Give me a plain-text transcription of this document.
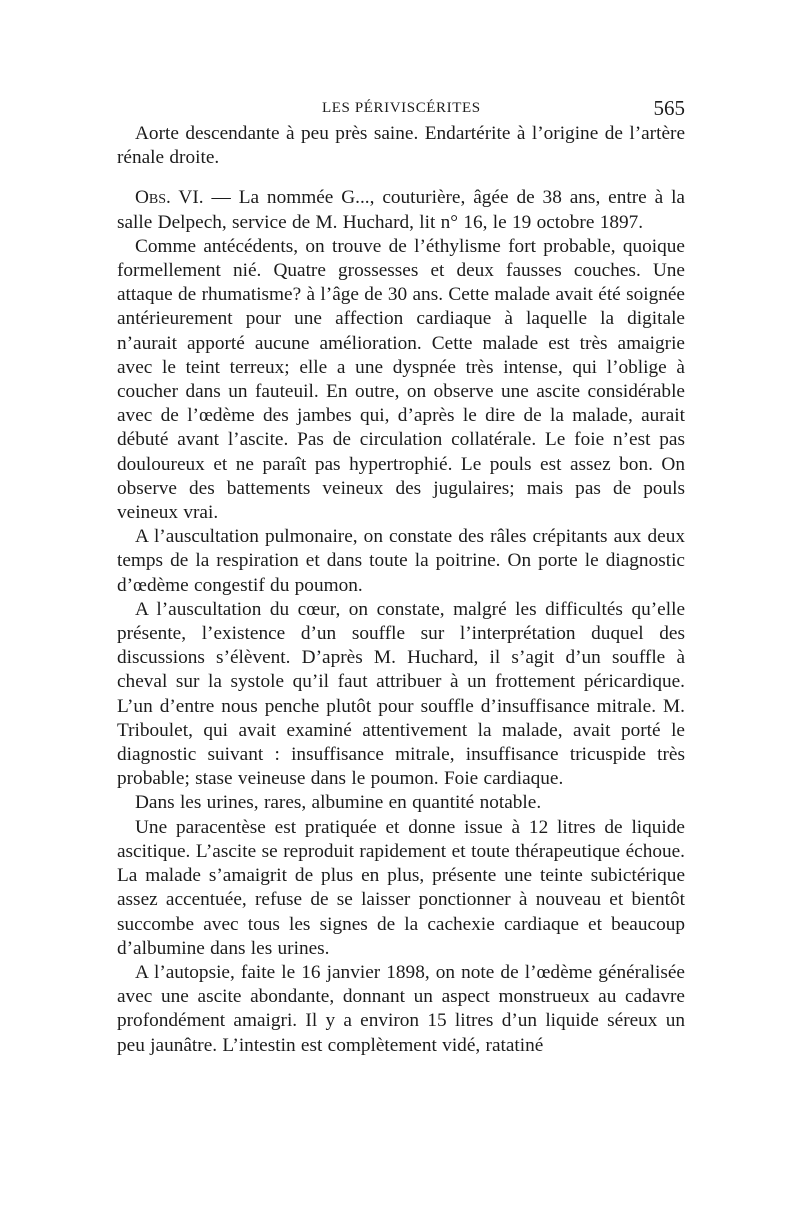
LES PÉRIVISCÉRITES	565

Aorte descendante à peu près saine. Endartérite à l’origine de l’artère rénale droite.

Obs. VI. — La nommée G..., couturière, âgée de 38 ans, entre à la salle Delpech, service de M. Huchard, lit n° 16, le 19 octobre 1897.

Comme antécédents, on trouve de l’éthylisme fort probable, quoique formellement nié. Quatre grossesses et deux fausses couches. Une attaque de rhumatisme? à l’âge de 30 ans. Cette malade avait été soignée antérieurement pour une affection cardiaque à laquelle la digitale n’aurait apporté aucune amélioration. Cette malade est très amaigrie avec le teint terreux; elle a une dyspnée très intense, qui l’oblige à coucher dans un fauteuil. En outre, on observe une ascite considérable avec de l’œdème des jambes qui, d’après le dire de la malade, aurait débuté avant l’ascite. Pas de circulation collatérale. Le foie n’est pas douloureux et ne paraît pas hypertrophié. Le pouls est assez bon. On observe des battements veineux des jugulaires; mais pas de pouls veineux vrai.

A l’auscultation pulmonaire, on constate des râles crépitants aux deux temps de la respiration et dans toute la poitrine. On porte le diagnostic d’œdème congestif du poumon.

A l’auscultation du cœur, on constate, malgré les difficultés qu’elle présente, l’existence d’un souffle sur l’interprétation duquel des discussions s’élèvent. D’après M. Huchard, il s’agit d’un souffle à cheval sur la systole qu’il faut attribuer à un frottement péricardique. L’un d’entre nous penche plutôt pour souffle d’insuffisance mitrale. M. Triboulet, qui avait examiné attentivement la malade, avait porté le diagnostic suivant : insuffisance mitrale, insuffisance tricuspide très probable; stase veineuse dans le poumon. Foie cardiaque.

Dans les urines, rares, albumine en quantité notable.

Une paracentèse est pratiquée et donne issue à 12 litres de liquide ascitique. L’ascite se reproduit rapidement et toute thérapeutique échoue. La malade s’amaigrit de plus en plus, présente une teinte subictérique assez accentuée, refuse de se laisser ponctionner à nouveau et bientôt succombe avec tous les signes de la cachexie cardiaque et beaucoup d’albumine dans les urines.

A l’autopsie, faite le 16 janvier 1898, on note de l’œdème généralisée avec une ascite abondante, donnant un aspect monstrueux au cadavre profondément amaigri. Il y a environ 15 litres d’un liquide séreux un peu jaunâtre. L’intestin est complètement vidé, ratatiné
